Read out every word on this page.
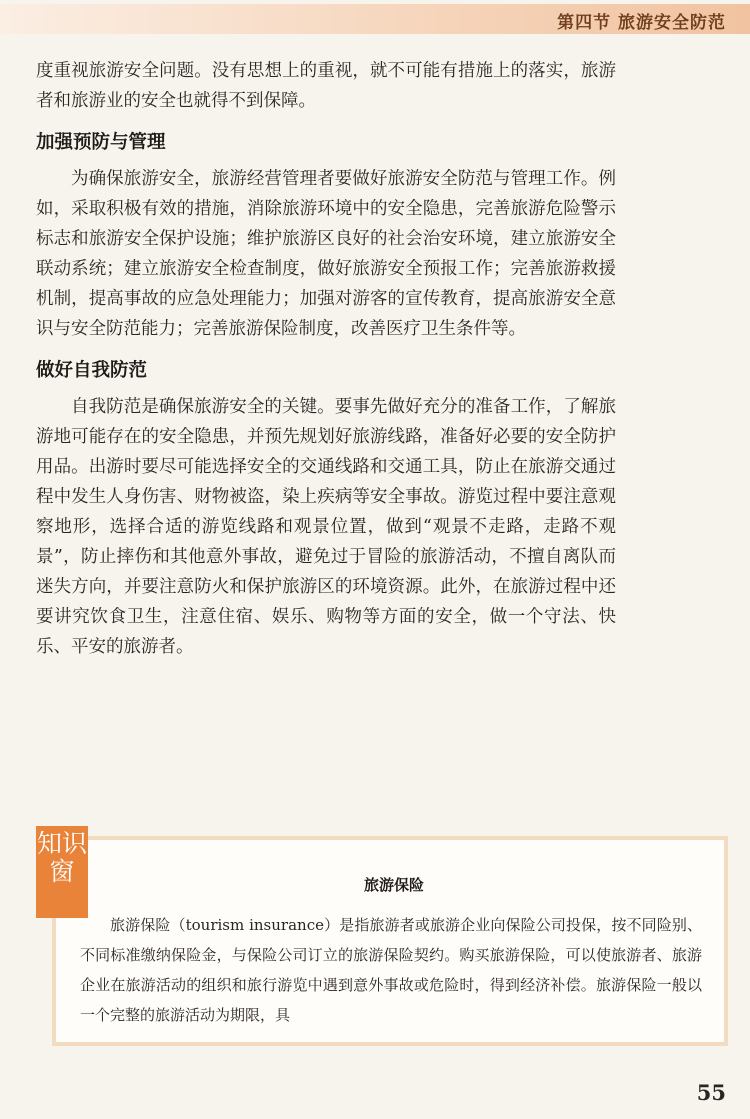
第四节 旅游安全防范

度重视旅游安全问题。没有思想上的重视，就不可能有措施上的落实，旅游者和旅游业的安全也就得不到保障。

加强预防与管理

为确保旅游安全，旅游经营管理者要做好旅游安全防范与管理工作。例如，采取积极有效的措施，消除旅游环境中的安全隐患，完善旅游危险警示标志和旅游安全保护设施；维护旅游区良好的社会治安环境，建立旅游安全联动系统；建立旅游安全检查制度，做好旅游安全预报工作；完善旅游救援机制，提高事故的应急处理能力；加强对游客的宣传教育，提高旅游安全意识与安全防范能力；完善旅游保险制度，改善医疗卫生条件等。

做好自我防范

自我防范是确保旅游安全的关键。要事先做好充分的准备工作，了解旅游地可能存在的安全隐患，并预先规划好旅游线路，准备好必要的安全防护用品。出游时要尽可能选择安全的交通线路和交通工具，防止在旅游交通过程中发生人身伤害、财物被盗，染上疾病等安全事故。游览过程中要注意观察地形，选择合适的游览线路和观景位置，做到“观景不走路，走路不观景”，防止摔伤和其他意外事故，避免过于冒险的旅游活动，不擅自离队而迷失方向，并要注意防火和保护旅游区的环境资源。此外，在旅游过程中还要讲究饮食卫生，注意住宿、娱乐、购物等方面的安全，做一个守法、快乐、平安的旅游者。

旅游保险

旅游保险（tourism insurance）是指旅游者或旅游企业向保险公司投保，按不同险别、不同标准缴纳保险金，与保险公司订立的旅游保险契约。购买旅游保险，可以使旅游者、旅游企业在旅游活动的组织和旅行游览中遇到意外事故或危险时，得到经济补偿。旅游保险一般以一个完整的旅游活动为期限，具

知识窗
55
